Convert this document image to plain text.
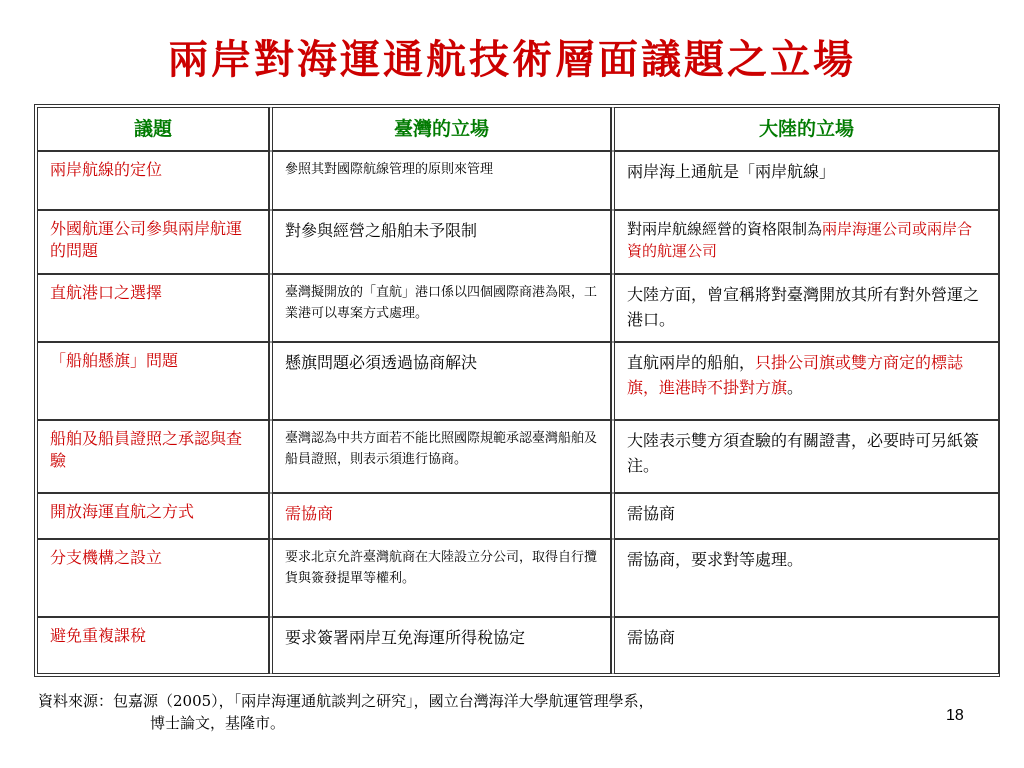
兩岸對海運通航技術層面議題之立場
議題	臺灣的立場	大陸的立場
兩岸航線的定位	參照其對國際航線管理的原則來管理	兩岸海上通航是「兩岸航線」
外國航運公司參與兩岸航運的問題	對參與經營之船舶未予限制	對兩岸航線經營的資格限制為兩岸海運公司或兩岸合資的航運公司
直航港口之選擇	臺灣擬開放的「直航」港口係以四個國際商港為限，工業港可以專案方式處理。	大陸方面，曾宣稱將對臺灣開放其所有對外營運之港口。
「船舶懸旗」問題	懸旗問題必須透過協商解決	直航兩岸的船舶，只掛公司旗或雙方商定的標誌旗，進港時不掛對方旗。
船舶及船員證照之承認與查驗	臺灣認為中共方面若不能比照國際規範承認臺灣船舶及船員證照，則表示須進行協商。	大陸表示雙方須查驗的有關證書，必要時可另紙簽注。
開放海運直航之方式	需協商	需協商
分支機構之設立	要求北京允許臺灣航商在大陸設立分公司，取得自行攬貨與簽發提單等權利。	需協商，要求對等處理。
避免重複課稅	要求簽署兩岸互免海運所得稅協定	需協商
資料來源：包嘉源（2005），「兩岸海運通航談判之研究」，國立台灣海洋大學航運管理學系，
博士論文，基隆市。	18
